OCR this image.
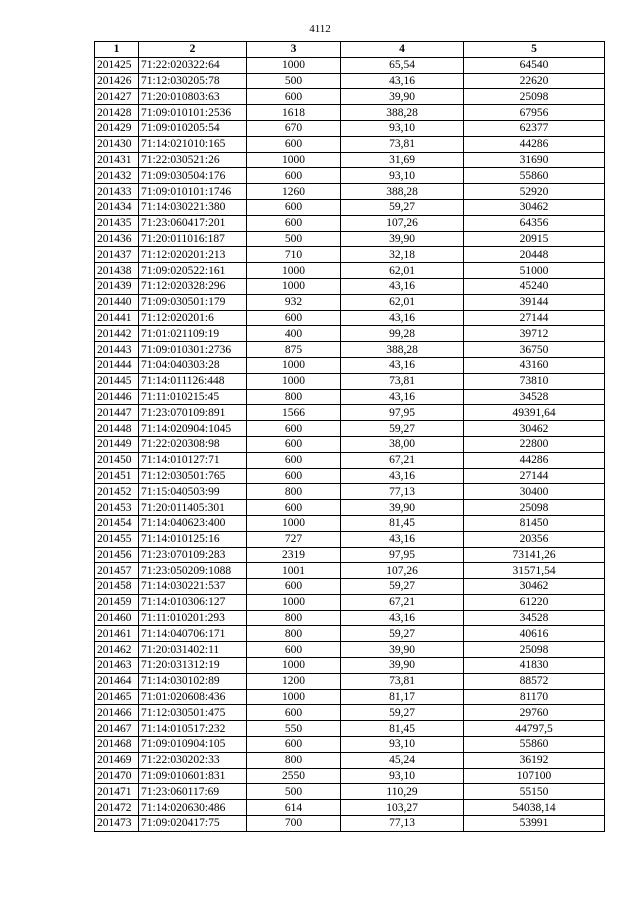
4112
1	2	3	4	5
201425	71:22:020322:64	1000	65,54	64540
201426	71:12:030205:78	500	43,16	22620
201427	71:20:010803:63	600	39,90	25098
201428	71:09:010101:2536	1618	388,28	67956
201429	71:09:010205:54	670	93,10	62377
201430	71:14:021010:165	600	73,81	44286
201431	71:22:030521:26	1000	31,69	31690
201432	71:09:030504:176	600	93,10	55860
201433	71:09:010101:1746	1260	388,28	52920
201434	71:14:030221:380	600	59,27	30462
201435	71:23:060417:201	600	107,26	64356
201436	71:20:011016:187	500	39,90	20915
201437	71:12:020201:213	710	32,18	20448
201438	71:09:020522:161	1000	62,01	51000
201439	71:12:020328:296	1000	43,16	45240
201440	71:09:030501:179	932	62,01	39144
201441	71:12:020201:6	600	43,16	27144
201442	71:01:021109:19	400	99,28	39712
201443	71:09:010301:2736	875	388,28	36750
201444	71:04:040303:28	1000	43,16	43160
201445	71:14:011126:448	1000	73,81	73810
201446	71:11:010215:45	800	43,16	34528
201447	71:23:070109:891	1566	97,95	49391,64
201448	71:14:020904:1045	600	59,27	30462
201449	71:22:020308:98	600	38,00	22800
201450	71:14:010127:71	600	67,21	44286
201451	71:12:030501:765	600	43,16	27144
201452	71:15:040503:99	800	77,13	30400
201453	71:20:011405:301	600	39,90	25098
201454	71:14:040623:400	1000	81,45	81450
201455	71:14:010125:16	727	43,16	20356
201456	71:23:070109:283	2319	97,95	73141,26
201457	71:23:050209:1088	1001	107,26	31571,54
201458	71:14:030221:537	600	59,27	30462
201459	71:14:010306:127	1000	67,21	61220
201460	71:11:010201:293	800	43,16	34528
201461	71:14:040706:171	800	59,27	40616
201462	71:20:031402:11	600	39,90	25098
201463	71:20:031312:19	1000	39,90	41830
201464	71:14:030102:89	1200	73,81	88572
201465	71:01:020608:436	1000	81,17	81170
201466	71:12:030501:475	600	59,27	29760
201467	71:14:010517:232	550	81,45	44797,5
201468	71:09:010904:105	600	93,10	55860
201469	71:22:030202:33	800	45,24	36192
201470	71:09:010601:831	2550	93,10	107100
201471	71:23:060117:69	500	110,29	55150
201472	71:14:020630:486	614	103,27	54038,14
201473	71:09:020417:75	700	77,13	53991
